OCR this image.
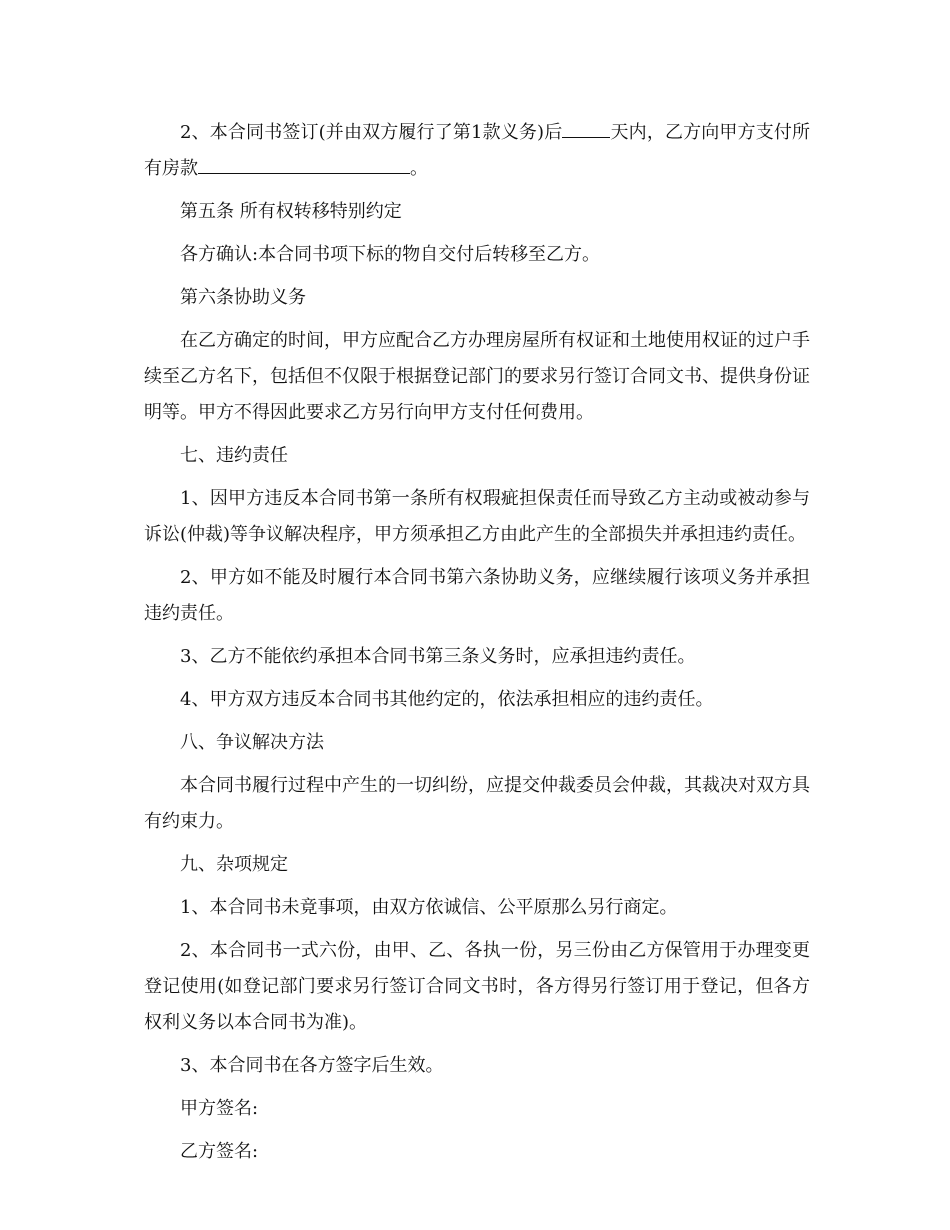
2、本合同书签订(并由双方履行了第1款义务)后	天内，乙方向甲方支付所有房款	。

第五条 所有权转移特别约定

各方确认:本合同书项下标的物自交付后转移至乙方。

第六条协助义务

在乙方确定的时间，甲方应配合乙方办理房屋所有权证和土地使用权证的过户手续至乙方名下，包括但不仅限于根据登记部门的要求另行签订合同文书、提供身份证明等。甲方不得因此要求乙方另行向甲方支付任何费用。

七、违约责任

1、因甲方违反本合同书第一条所有权瑕疵担保责任而导致乙方主动或被动参与诉讼(仲裁)等争议解决程序，甲方须承担乙方由此产生的全部损失并承担违约责任。

2、甲方如不能及时履行本合同书第六条协助义务，应继续履行该项义务并承担违约责任。

3、乙方不能依约承担本合同书第三条义务时，应承担违约责任。

4、甲方双方违反本合同书其他约定的，依法承担相应的违约责任。

八、争议解决方法

本合同书履行过程中产生的一切纠纷，应提交仲裁委员会仲裁，其裁决对双方具有约束力。

九、杂项规定

1、本合同书未竟事项，由双方依诚信、公平原那么另行商定。

2、本合同书一式六份，由甲、乙、各执一份，另三份由乙方保管用于办理变更登记使用(如登记部门要求另行签订合同文书时，各方得另行签订用于登记，但各方权利义务以本合同书为准)。

3、本合同书在各方签字后生效。

甲方签名:

乙方签名:
